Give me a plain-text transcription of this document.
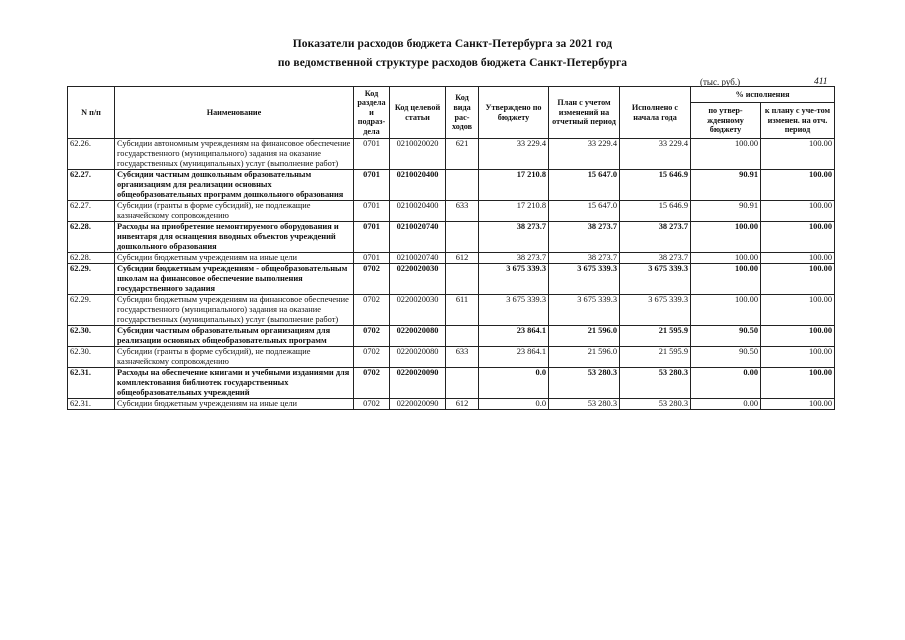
Показатели расходов бюджета Санкт-Петербурга за 2021 год
по ведомственной структуре расходов бюджета Санкт-Петербурга
(тыс. руб.)	411
N п/п	Наименование	Код раздела и подраз-дела	Код целевой статьи	Код вида рас-ходов	Утверждено по бюджету	План с учетом изменений на отчетный период	Исполнено с начала года	% исполнения	
								по утвер-жденному бюджету	к плану с уче-том изменен. на отч. период
62.26.	Субсидии автономным учреждениям на финансовое обеспечение государственного (муниципального) задания на оказание государственных (муниципальных) услуг (выполнение работ)	0701	0210020020	621	33 229.4	33 229.4	33 229.4	100.00	100.00
62.27.	Субсидии частным дошкольным образовательным организациям для реализации основных общеобразовательных программ дошкольного образования	0701	0210020400		17 210.8	15 647.0	15 646.9	90.91	100.00
62.27.	Субсидии (гранты в форме субсидий), не подлежащие казначейскому сопровождению	0701	0210020400	633	17 210.8	15 647.0	15 646.9	90.91	100.00
62.28.	Расходы на приобретение немонтируемого оборудования и инвентаря для оснащения вводных объектов учреждений дошкольного образования	0701	0210020740		38 273.7	38 273.7	38 273.7	100.00	100.00
62.28.	Субсидии бюджетным учреждениям на иные цели	0701	0210020740	612	38 273.7	38 273.7	38 273.7	100.00	100.00
62.29.	Субсидии бюджетным учреждениям - общеобразовательным школам на финансовое обеспечение выполнения государственного задания	0702	0220020030		3 675 339.3	3 675 339.3	3 675 339.3	100.00	100.00
62.29.	Субсидии бюджетным учреждениям на финансовое обеспечение государственного (муниципального) задания на оказание государственных (муниципальных) услуг (выполнение работ)	0702	0220020030	611	3 675 339.3	3 675 339.3	3 675 339.3	100.00	100.00
62.30.	Субсидии частным образовательным организациям для реализации основных общеобразовательных программ	0702	0220020080		23 864.1	21 596.0	21 595.9	90.50	100.00
62.30.	Субсидии (гранты в форме субсидий), не подлежащие казначейскому сопровождению	0702	0220020080	633	23 864.1	21 596.0	21 595.9	90.50	100.00
62.31.	Расходы на обеспечение книгами и учебными изданиями для комплектования библиотек государственных общеобразовательных учреждений	0702	0220020090		0.0	53 280.3	53 280.3	0.00	100.00
62.31.	Субсидии бюджетным учреждениям на иные цели	0702	0220020090	612	0.0	53 280.3	53 280.3	0.00	100.00
